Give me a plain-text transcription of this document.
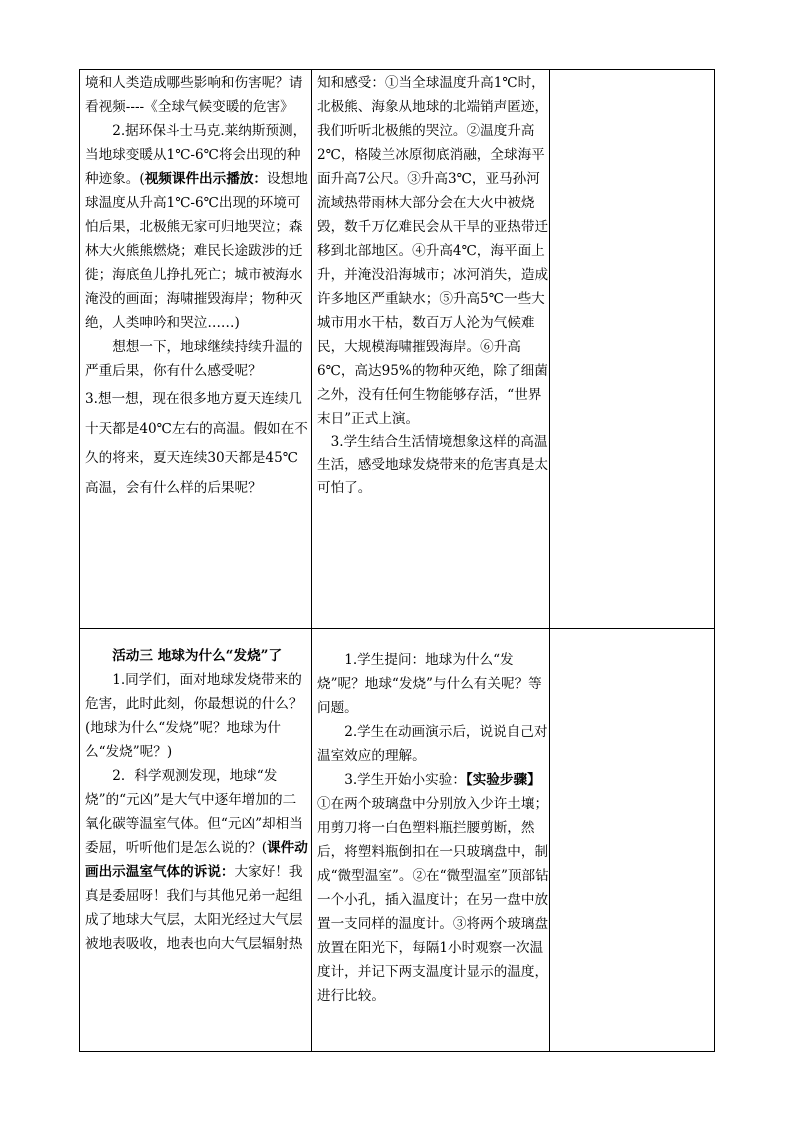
境和人类造成哪些影响和伤害呢？请看视频----《全球气候变暖的危害》

2.据环保斗士马克.莱纳斯预测，当地球变暖从1℃-6℃将会出现的种种迹象。(视频课件出示播放：设想地球温度从升高1℃-6℃出现的环境可怕后果，北极熊无家可归地哭泣；森林大火熊熊燃烧；难民长途跋涉的迁徙；海底鱼儿挣扎死亡；城市被海水淹没的画面；海啸摧毁海岸；物种灭绝，人类呻吟和哭泣……)

想想一下，地球继续持续升温的严重后果，你有什么感受呢？

3.想一想，现在很多地方夏天连续几十天都是40℃左右的高温。假如在不久的将来，夏天连续30天都是45℃高温，会有什么样的后果呢？

知和感受：①当全球温度升高1℃时，北极熊、海象从地球的北端销声匿迹，我们听听北极熊的哭泣。②温度升高2℃，格陵兰冰原彻底消融，全球海平面升高7公尺。③升高3℃，亚马孙河流域热带雨林大部分会在大火中被烧毁，数千万亿难民会从干旱的亚热带迁移到北部地区。④升高4℃，海平面上升，并淹没沿海城市；冰河消失，造成许多地区严重缺水；⑤升高5℃一些大城市用水干枯，数百万人沦为气候难民，大规模海啸摧毁海岸。⑥升高6℃，高达95%的物种灭绝，除了细菌之外，没有任何生物能够存活，“世界末日”正式上演。

3.学生结合生活情境想象这样的高温生活，感受地球发烧带来的危害真是太可怕了。

活动三 地球为什么“发烧”了

1.同学们，面对地球发烧带来的危害，此时此刻，你最想说的什么？(地球为什么“发烧”呢？地球为什么“发烧”呢？)

2．科学观测发现，地球“发烧”的“元凶”是大气中逐年增加的二氧化碳等温室气体。但“元凶”却相当委屈，听听他们是怎么说的？(课件动画出示温室气体的诉说：大家好！我真是委屈呀！我们与其他兄弟一起组成了地球大气层，太阳光经过大气层被地表吸收，地表也向大气层辐射热

1.学生提问：地球为什么“发烧”呢？地球“发烧”与什么有关呢？等问题。

2.学生在动画演示后，说说自己对温室效应的理解。

3.学生开始小实验：【实验步骤】①在两个玻璃盘中分别放入少许土壤；用剪刀将一白色塑料瓶拦腰剪断，然后，将塑料瓶倒扣在一只玻璃盘中，制成“微型温室”。②在“微型温室”顶部钻一个小孔，插入温度计；在另一盘中放置一支同样的温度计。③将两个玻璃盘放置在阳光下，每隔1小时观察一次温度计，并记下两支温度计显示的温度，进行比较。
